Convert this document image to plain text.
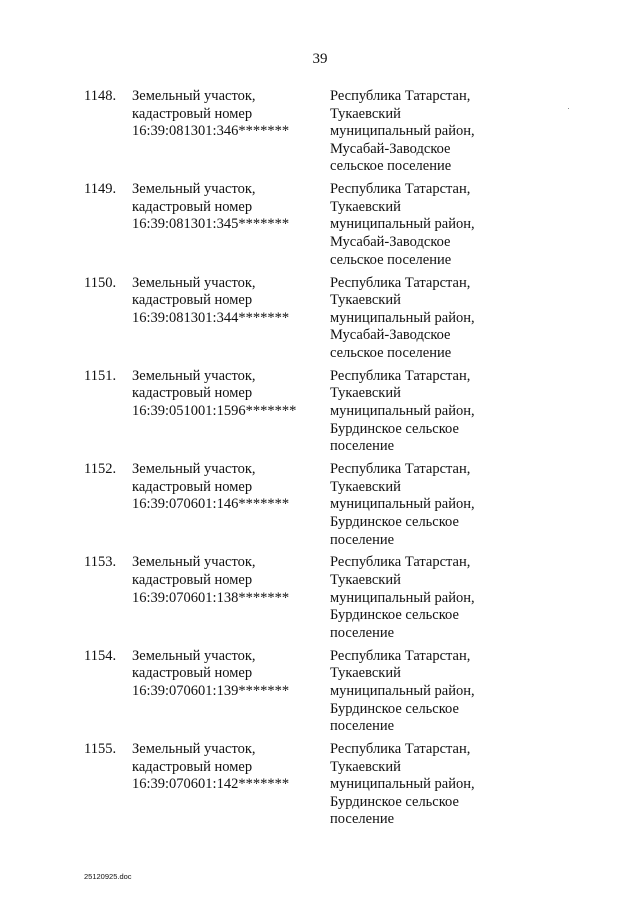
39
1148. Земельный участок,
кадастровый номер
16:39:081301:346*******
Республика Татарстан,
Тукаевский
муниципальный район,
Мусабай-Заводское
сельское поселение
1149. Земельный участок,
кадастровый номер
16:39:081301:345*******
Республика Татарстан,
Тукаевский
муниципальный район,
Мусабай-Заводское
сельское поселение
1150. Земельный участок,
кадастровый номер
16:39:081301:344*******
Республика Татарстан,
Тукаевский
муниципальный район,
Мусабай-Заводское
сельское поселение
1151. Земельный участок,
кадастровый номер
16:39:051001:1596*******
Республика Татарстан,
Тукаевский
муниципальный район,
Бурдинское сельское
поселение
1152. Земельный участок,
кадастровый номер
16:39:070601:146*******
Республика Татарстан,
Тукаевский
муниципальный район,
Бурдинское сельское
поселение
1153. Земельный участок,
кадастровый номер
16:39:070601:138*******
Республика Татарстан,
Тукаевский
муниципальный район,
Бурдинское сельское
поселение
1154. Земельный участок,
кадастровый номер
16:39:070601:139*******
Республика Татарстан,
Тукаевский
муниципальный район,
Бурдинское сельское
поселение
1155. Земельный участок,
кадастровый номер
16:39:070601:142*******
Республика Татарстан,
Тукаевский
муниципальный район,
Бурдинское сельское
поселение
25120925.doc
